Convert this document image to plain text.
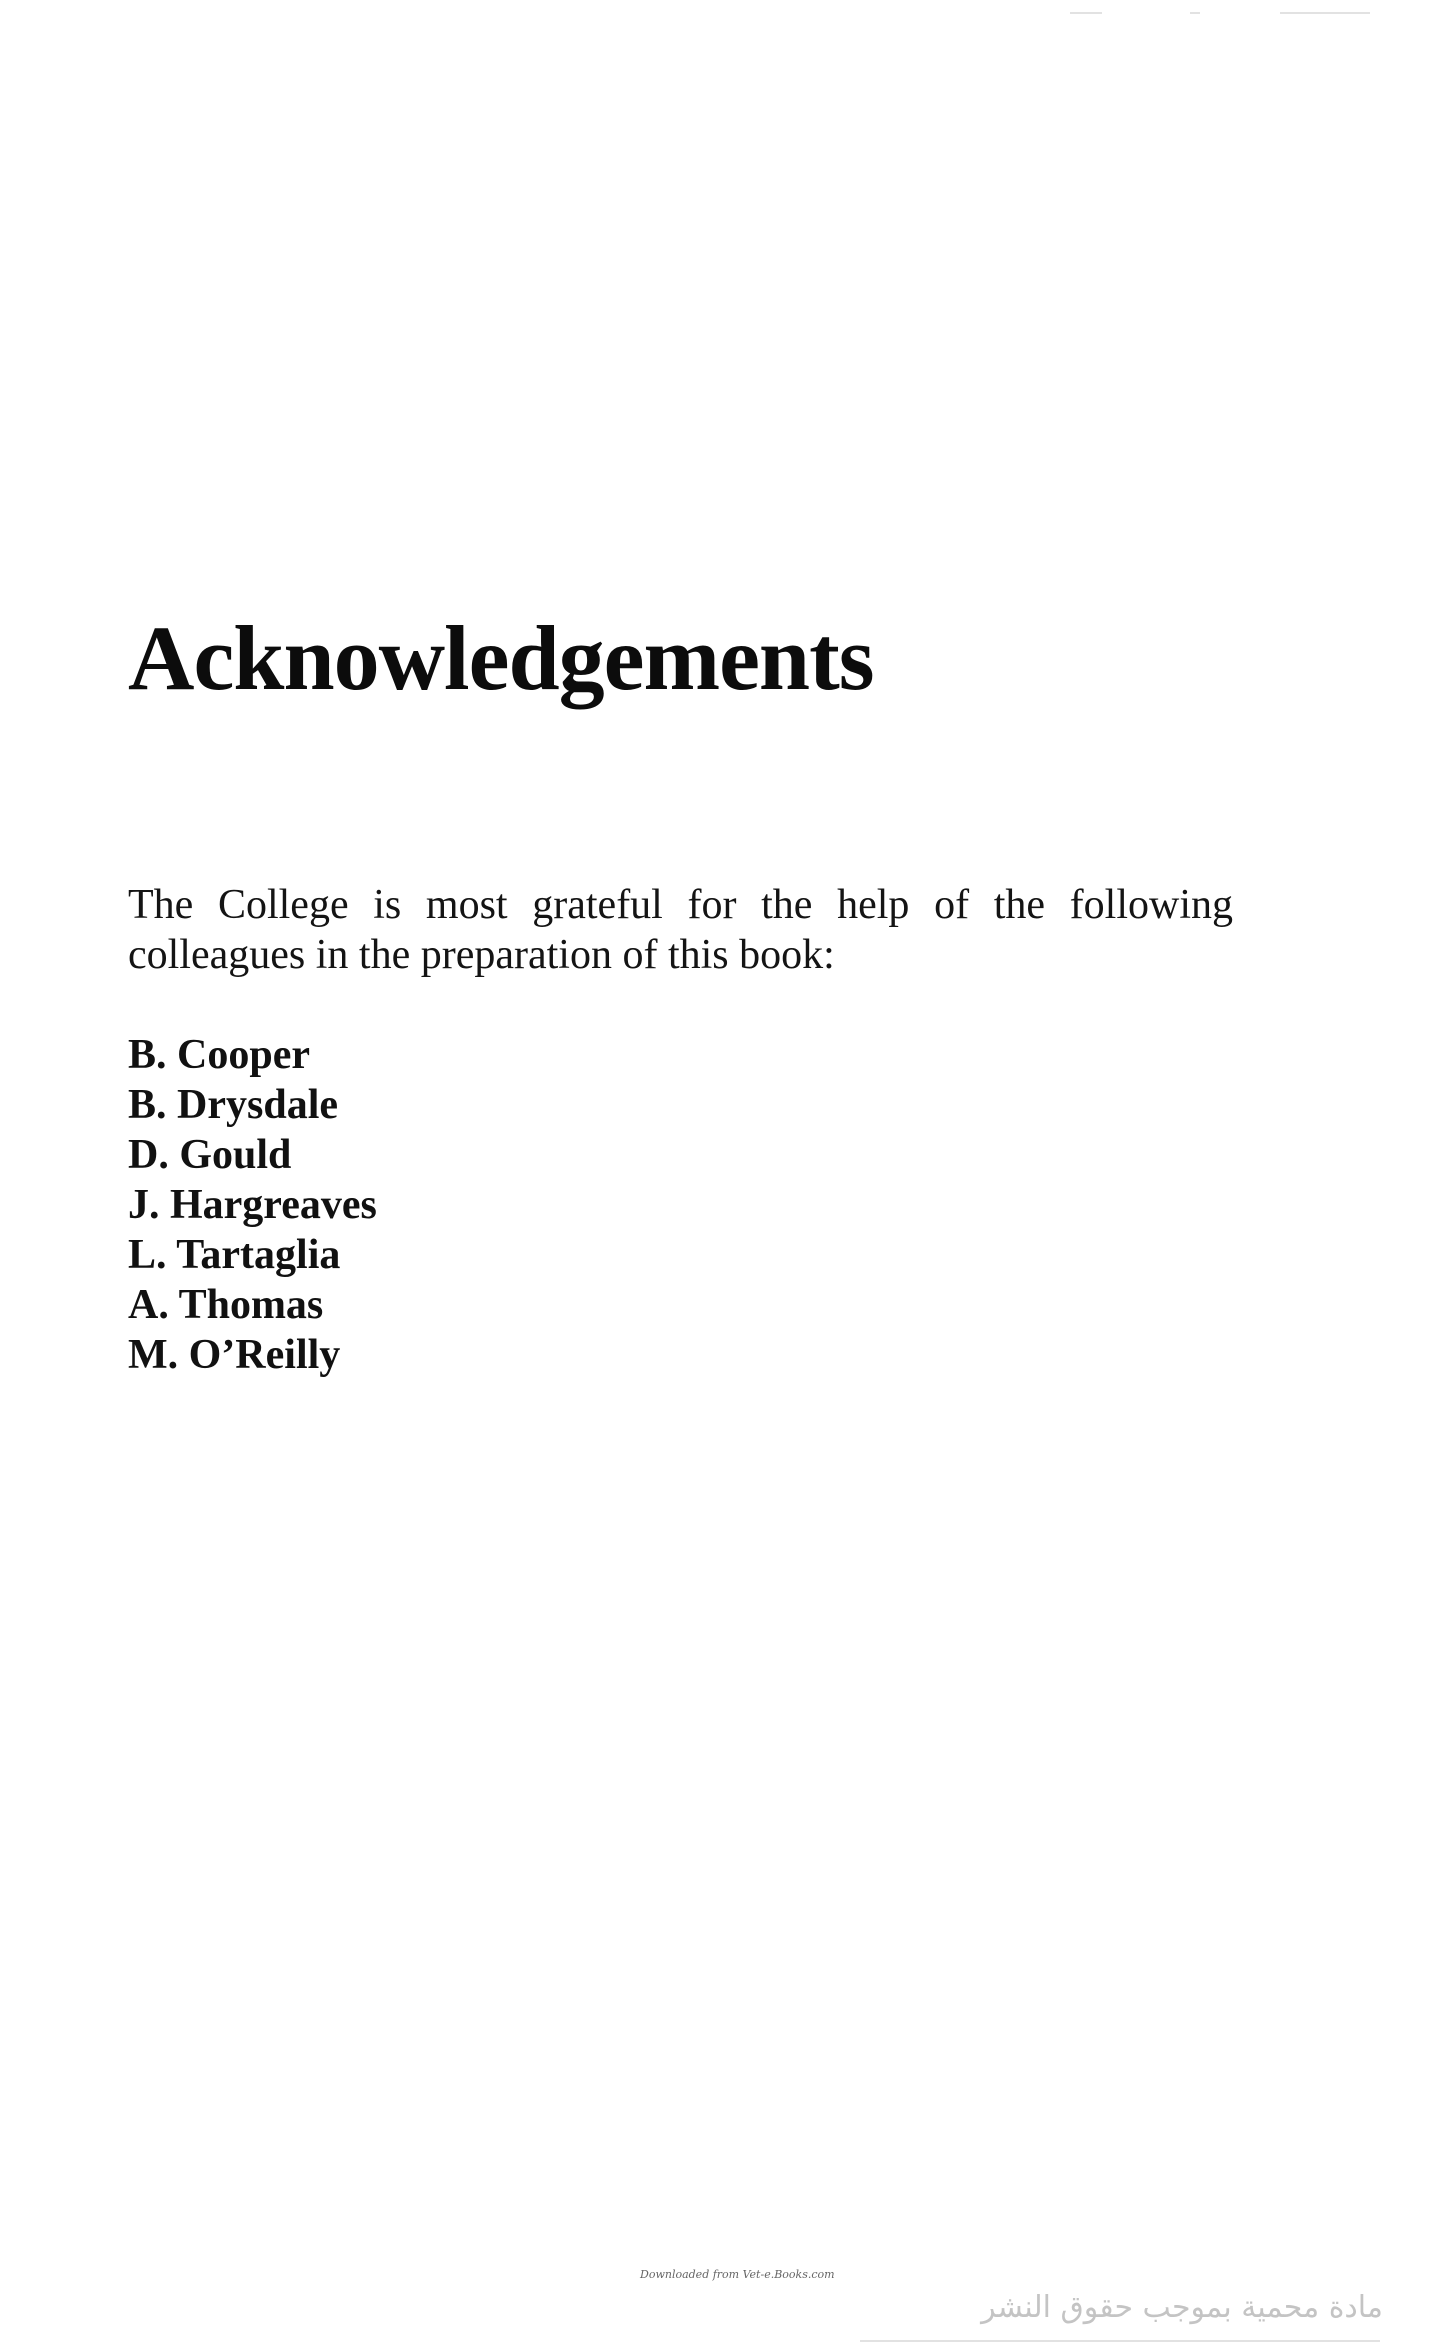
Acknowledgements

The College is most grateful for the help of the following
colleagues in the preparation of this book:

B. Cooper
B. Drysdale
D. Gould
J. Hargreaves
L. Tartaglia
A. Thomas
M. O’Reilly
Downloaded from Vet-e.Books.com
مادة محمية بموجب حقوق النشر
